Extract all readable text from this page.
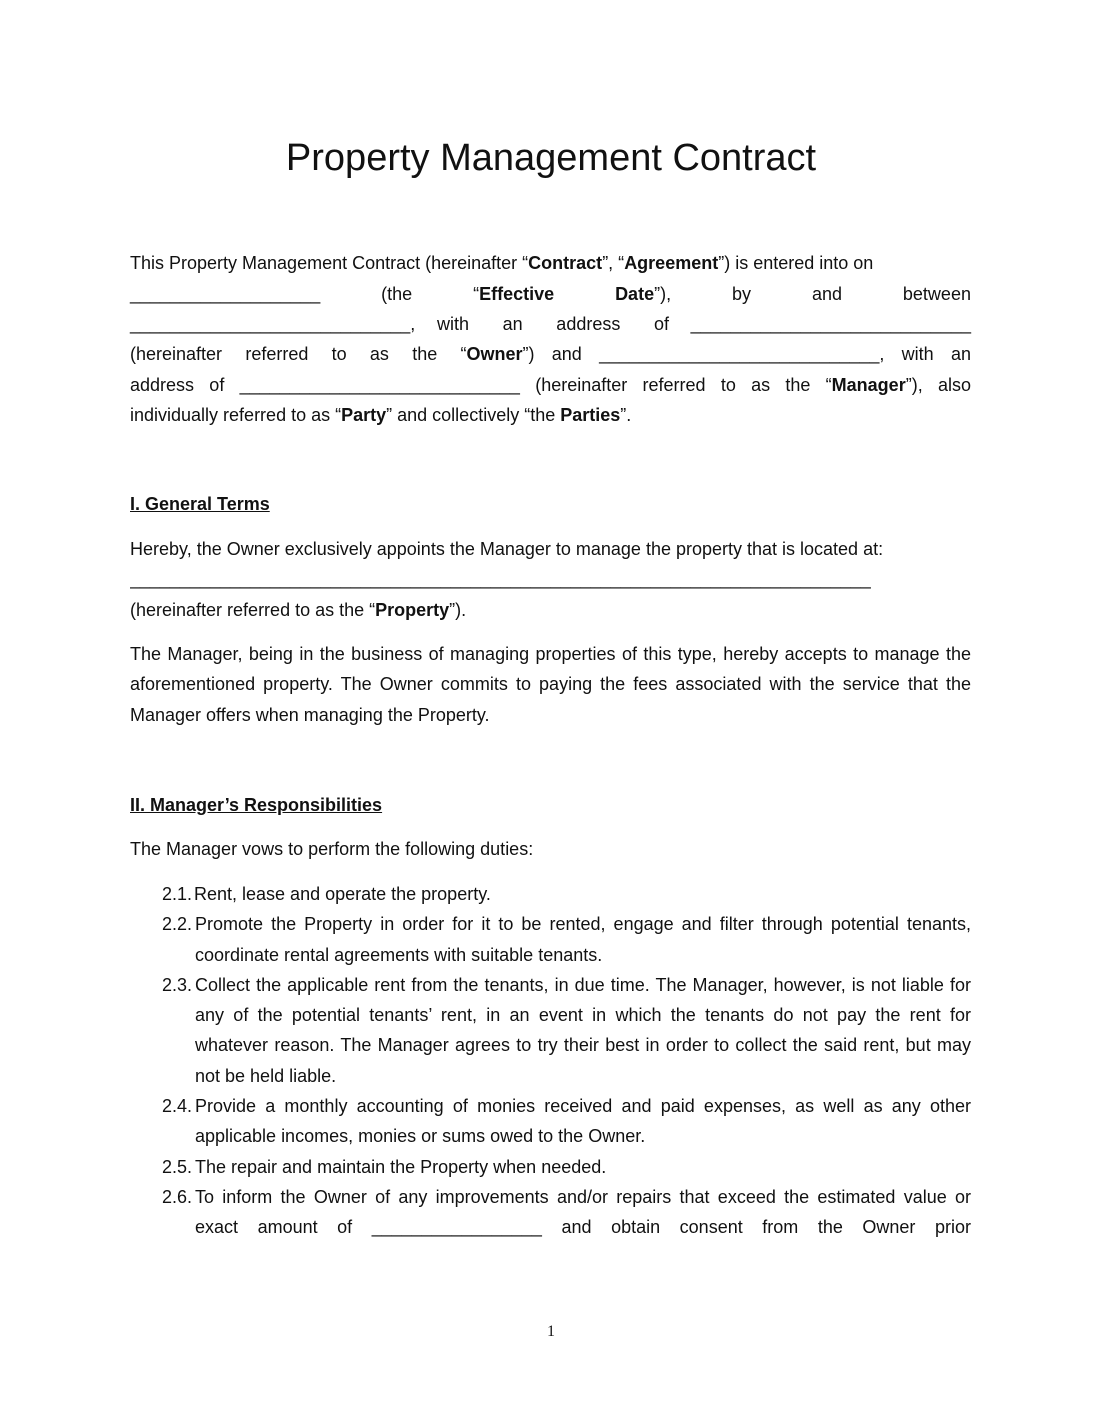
Property Management Contract

This Property Management Contract (hereinafter “Contract”, “Agreement”) is entered into on

___________________	(the	“Effective	Date”),	by	and	between

____________________________, with an address of ____________________________

(hereinafter referred to as the “Owner”) and ____________________________, with an

address of ____________________________ (hereinafter referred to as the “Manager”), also

individually referred to as “Party” and collectively “the Parties”.

I. General Terms

Hereby, the Owner exclusively appoints the Manager to manage the property that is located at:

__________________________________________________________________________

(hereinafter referred to as the “Property”).

The Manager, being in the business of managing properties of this type, hereby accepts to manage the aforementioned property. The Owner commits to paying the fees associated with the service that the Manager offers when managing the Property.

II. Manager’s Responsibilities

The Manager vows to perform the following duties:

2.1. Rent, lease and operate the property.
2.2. Promote the Property in order for it to be rented, engage and filter through potential tenants, coordinate rental agreements with suitable tenants.
2.3. Collect the applicable rent from the tenants, in due time. The Manager, however, is not liable for any of the potential tenants’ rent, in an event in which the tenants do not pay the rent for whatever reason. The Manager agrees to try their best in order to collect the said rent, but may not be held liable.
2.4. Provide a monthly accounting of monies received and paid expenses, as well as any other applicable incomes, monies or sums owed to the Owner.
2.5. The repair and maintain the Property when needed.
2.6. To inform the Owner of any improvements and/or repairs that exceed the estimated value or exact amount of _________________ and obtain consent from the Owner prior
1
